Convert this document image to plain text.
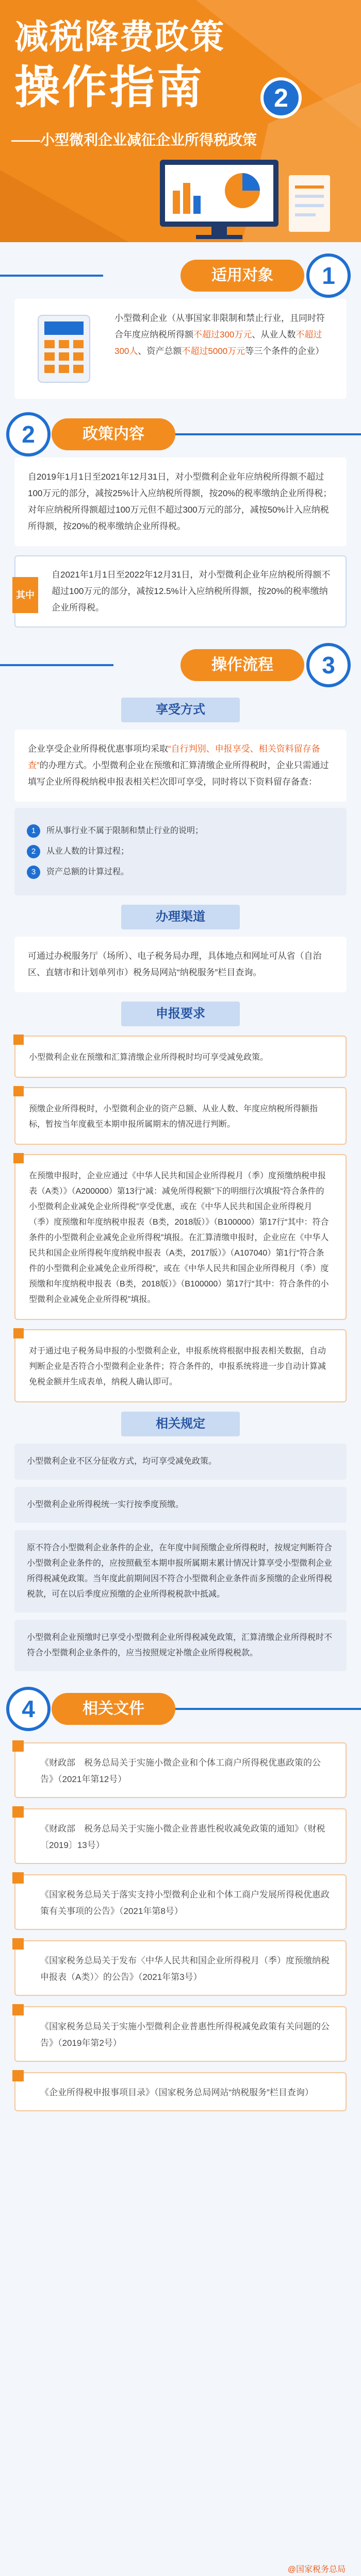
减税降费政策
操作指南	2
——小型微利企业减征企业所得税政策
适用对象	1

小型微利企业（从事国家非限制和禁止行业，且同时符合年度应纳税所得额不超过300万元、从业人数不超过300人、资产总额不超过5000万元等三个条件的企业）

2	政策内容

自2019年1月1日至2021年12月31日，对小型微利企业年应纳税所得额不超过100万元的部分，减按25%计入应纳税所得额，按20%的税率缴纳企业所得税；对年应纳税所得额超过100万元但不超过300万元的部分，减按50%计入应纳税所得额，按20%的税率缴纳企业所得税。

其中

自2021年1月1日至2022年12月31日，对小型微利企业年应纳税所得额不超过100万元的部分，减按12.5%计入应纳税所得额，按20%的税率缴纳企业所得税。

操作流程	3
享受方式

企业享受企业所得税优惠事项均采取“自行判别、申报享受、相关资料留存备查”的办理方式。小型微利企业在预缴和汇算清缴企业所得税时，企业只需通过填写企业所得税纳税申报表相关栏次即可享受，同时将以下资料留存备查：

1	所从事行业不属于限制和禁止行业的说明；
2	从业人数的计算过程；
3	资产总额的计算过程。
办理渠道

可通过办税服务厅（场所）、电子税务局办理，具体地点和网址可从省（自治区、直辖市和计划单列市）税务局网站“纳税服务”栏目查询。

申报要求

小型微利企业在预缴和汇算清缴企业所得税时均可享受减免政策。

预缴企业所得税时，小型微利企业的资产总额、从业人数、年度应纳税所得额指标，暂按当年度截至本期申报所属期末的情况进行判断。

在预缴申报时，企业应通过《中华人民共和国企业所得税月（季）度预缴纳税申报表（A类）》（A200000）第13行“减：减免所得税额”下的明细行次填报“符合条件的小型微利企业减免企业所得税”享受优惠，或在《中华人民共和国企业所得税月（季）度预缴和年度纳税申报表（B类，2018版）》（B100000）第17行“其中：符合条件的小型微利企业减免企业所得税”填报。在汇算清缴申报时，企业应在《中华人民共和国企业所得税年度纳税申报表（A类，2017版）》（A107040）第1行“符合条件的小型微利企业减免企业所得税”，或在《中华人民共和国企业所得税月（季）度预缴和年度纳税申报表（B类，2018版）》（B100000）第17行“其中：符合条件的小型微利企业减免企业所得税”填报。

对于通过电子税务局申报的小型微利企业，申报系统将根据申报表相关数据，自动判断企业是否符合小型微利企业条件；符合条件的，申报系统将进一步自动计算减免税金额并生成表单，纳税人确认即可。

相关规定

小型微利企业不区分征收方式，均可享受减免政策。

小型微利企业所得税统一实行按季度预缴。

原不符合小型微利企业条件的企业，在年度中间预缴企业所得税时，按规定判断符合小型微利企业条件的，应按照截至本期申报所属期末累计情况计算享受小型微利企业所得税减免政策。当年度此前期间因不符合小型微利企业条件而多预缴的企业所得税税款，可在以后季度应预缴的企业所得税税款中抵减。

小型微利企业预缴时已享受小型微利企业所得税减免政策，汇算清缴企业所得税时不符合小型微利企业条件的，应当按照规定补缴企业所得税税款。

4	相关文件

《财政部　税务总局关于实施小微企业和个体工商户所得税优惠政策的公告》（2021年第12号）

《财政部　税务总局关于实施小微企业普惠性税收减免政策的通知》（财税〔2019〕13号）

《国家税务总局关于落实支持小型微利企业和个体工商户发展所得税优惠政策有关事项的公告》（2021年第8号）

《国家税务总局关于发布〈中华人民共和国企业所得税月（季）度预缴纳税申报表（A类）〉的公告》（2021年第3号）

《国家税务总局关于实施小型微利企业普惠性所得税减免政策有关问题的公告》（2019年第2号）

《企业所得税申报事项目录》（国家税务总局网站“纳税服务”栏目查询）

@国家税务总局
